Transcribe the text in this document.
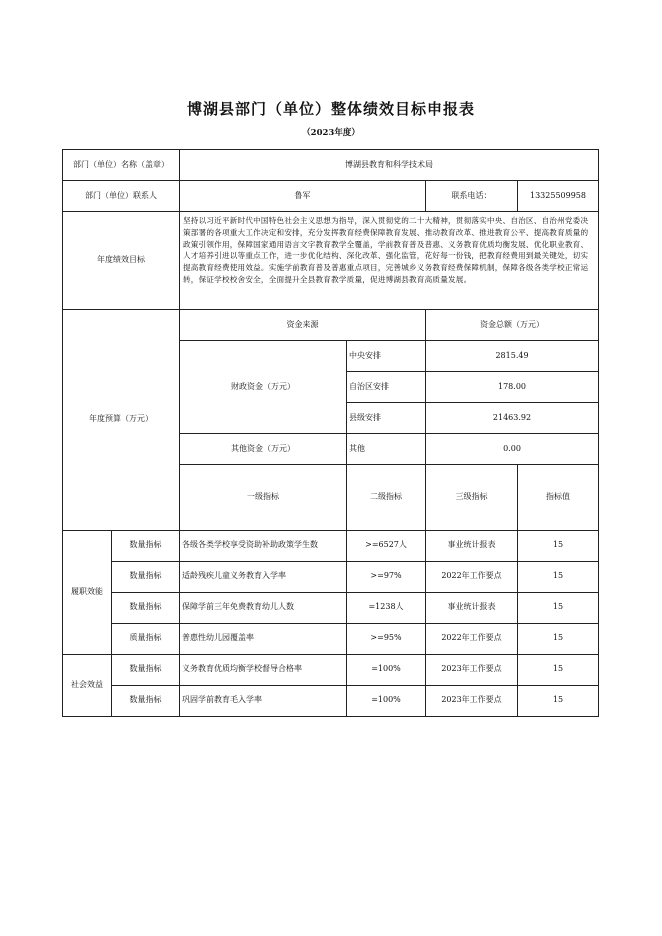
博湖县部门（单位）整体绩效目标申报表
（2023年度）
部门（单位）名称（盖章）		博湖县教育和科学技术局				
部门（单位）联系人		鲁军		联系电话：	13325509958	
年度绩效目标		坚持以习近平新时代中国特色社会主义思想为指导，深入贯彻党的二十大精神，贯彻落实中央、自治区、自治州党委决策部署的各项重大工作决定和安排，充分发挥教育经费保障教育发展、推动教育改革、推进教育公平、提高教育质量的政策引领作用，保障国家通用语言文字教育教学全覆盖，学前教育普及普惠、义务教育优质均衡发展、优化职业教育、人才培养引进以等重点工作，进一步优化结构、深化改革、强化监管，花好每一份钱，把教育经费用到最关键处，切实提高教育经费使用效益。实施学前教育普及普惠重点项目，完善城乡义务教育经费保障机制，保障各级各类学校正常运转，保证学校校舍安全，全面提升全县教育教学质量，促进博湖县教育高质量发展。				
年度预算（万元）		资金来源		资金总额（万元）		
		财政资金（万元）	中央安排	2815.49		
			自治区安排	178.00		
			县级安排	21463.92		
		其他资金（万元）	其他	0.00		
		一级指标	二级指标	三级指标	指标值		
履职效能	数量指标	各级各类学校享受资助补助政策学生数	>=6527人	事业统计报表	15	
	数量指标	适龄残疾儿童义务教育入学率	>=97%	2022年工作要点	15	
	数量指标	保障学前三年免费教育幼儿人数	=1238人	事业统计报表	15	
	质量指标	普惠性幼儿园覆盖率	>=95%	2022年工作要点	15	
社会效益	数量指标	义务教育优质均衡学校督导合格率	=100%	2023年工作要点	15	
	数量指标	巩固学前教育毛入学率	=100%	2023年工作要点	15	
